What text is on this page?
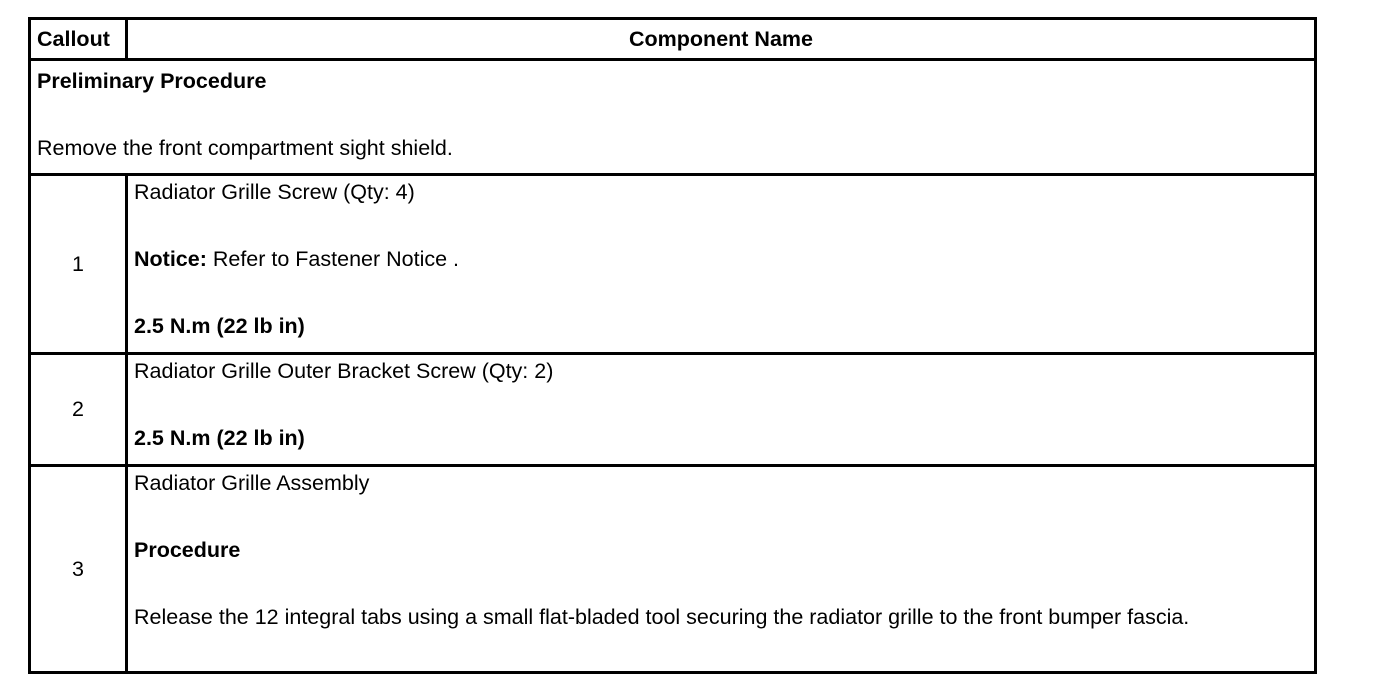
Callout	Component Name

Preliminary Procedure
Remove the front compartment sight shield.	

1	Radiator Grille Screw (Qty: 4)
Notice: Refer to Fastener Notice .
2.5 N.m (22 lb in)

2	Radiator Grille Outer Bracket Screw (Qty: 2)
2.5 N.m (22 lb in)

3	Radiator Grille Assembly
Procedure
Release the 12 integral tabs using a small flat-bladed tool securing the radiator grille to the front bumper fascia.
